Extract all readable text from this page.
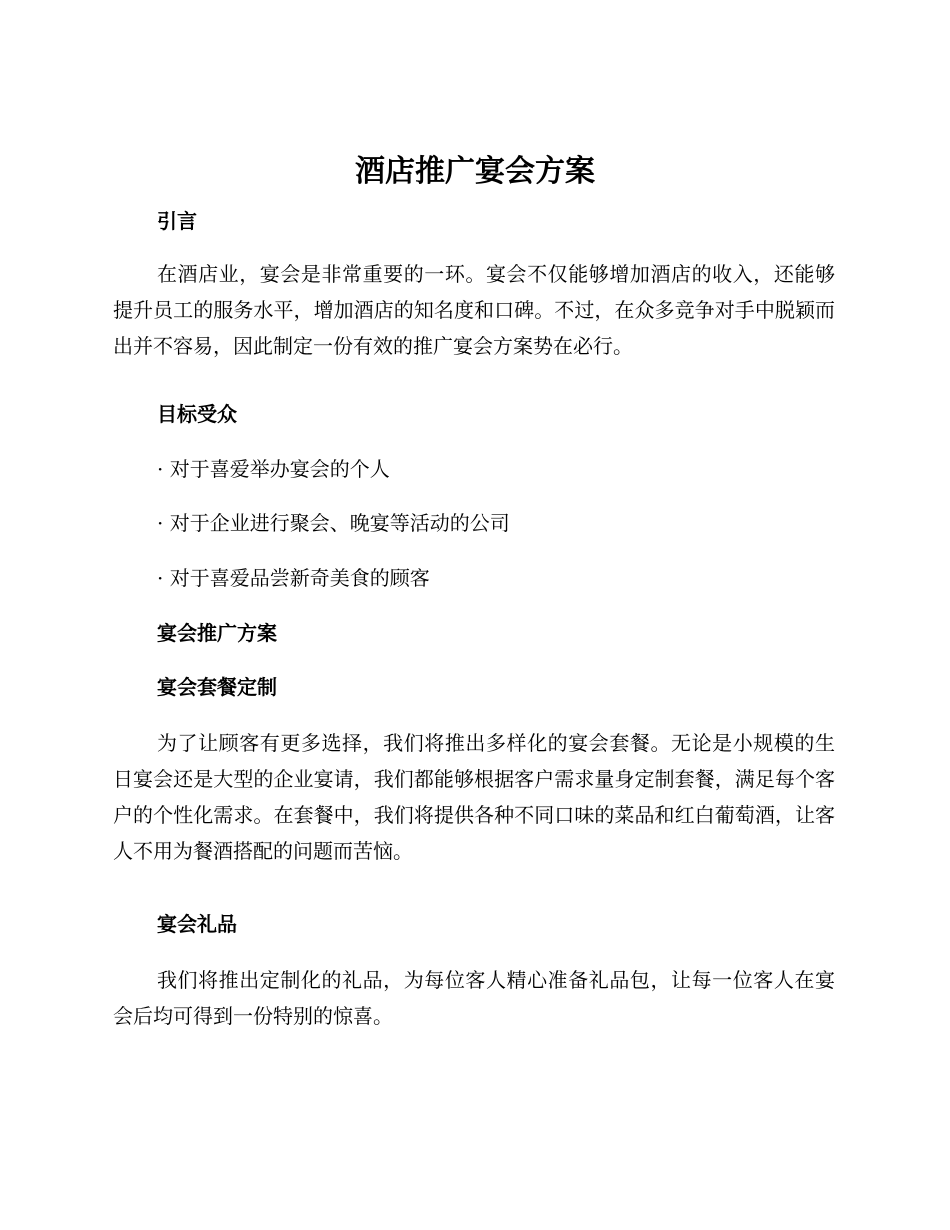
酒店推广宴会方案
引言

在酒店业，宴会是非常重要的一环。宴会不仅能够增加酒店的收入，还能够提升员工的服务水平，增加酒店的知名度和口碑。不过，在众多竞争对手中脱颖而出并不容易，因此制定一份有效的推广宴会方案势在必行。

目标受众

· 对于喜爱举办宴会的个人

· 对于企业进行聚会、晚宴等活动的公司

· 对于喜爱品尝新奇美食的顾客

宴会推广方案
宴会套餐定制

为了让顾客有更多选择，我们将推出多样化的宴会套餐。无论是小规模的生日宴会还是大型的企业宴请，我们都能够根据客户需求量身定制套餐，满足每个客户的个性化需求。在套餐中，我们将提供各种不同口味的菜品和红白葡萄酒，让客人不用为餐酒搭配的问题而苦恼。

宴会礼品

我们将推出定制化的礼品，为每位客人精心准备礼品包，让每一位客人在宴会后均可得到一份特别的惊喜。
